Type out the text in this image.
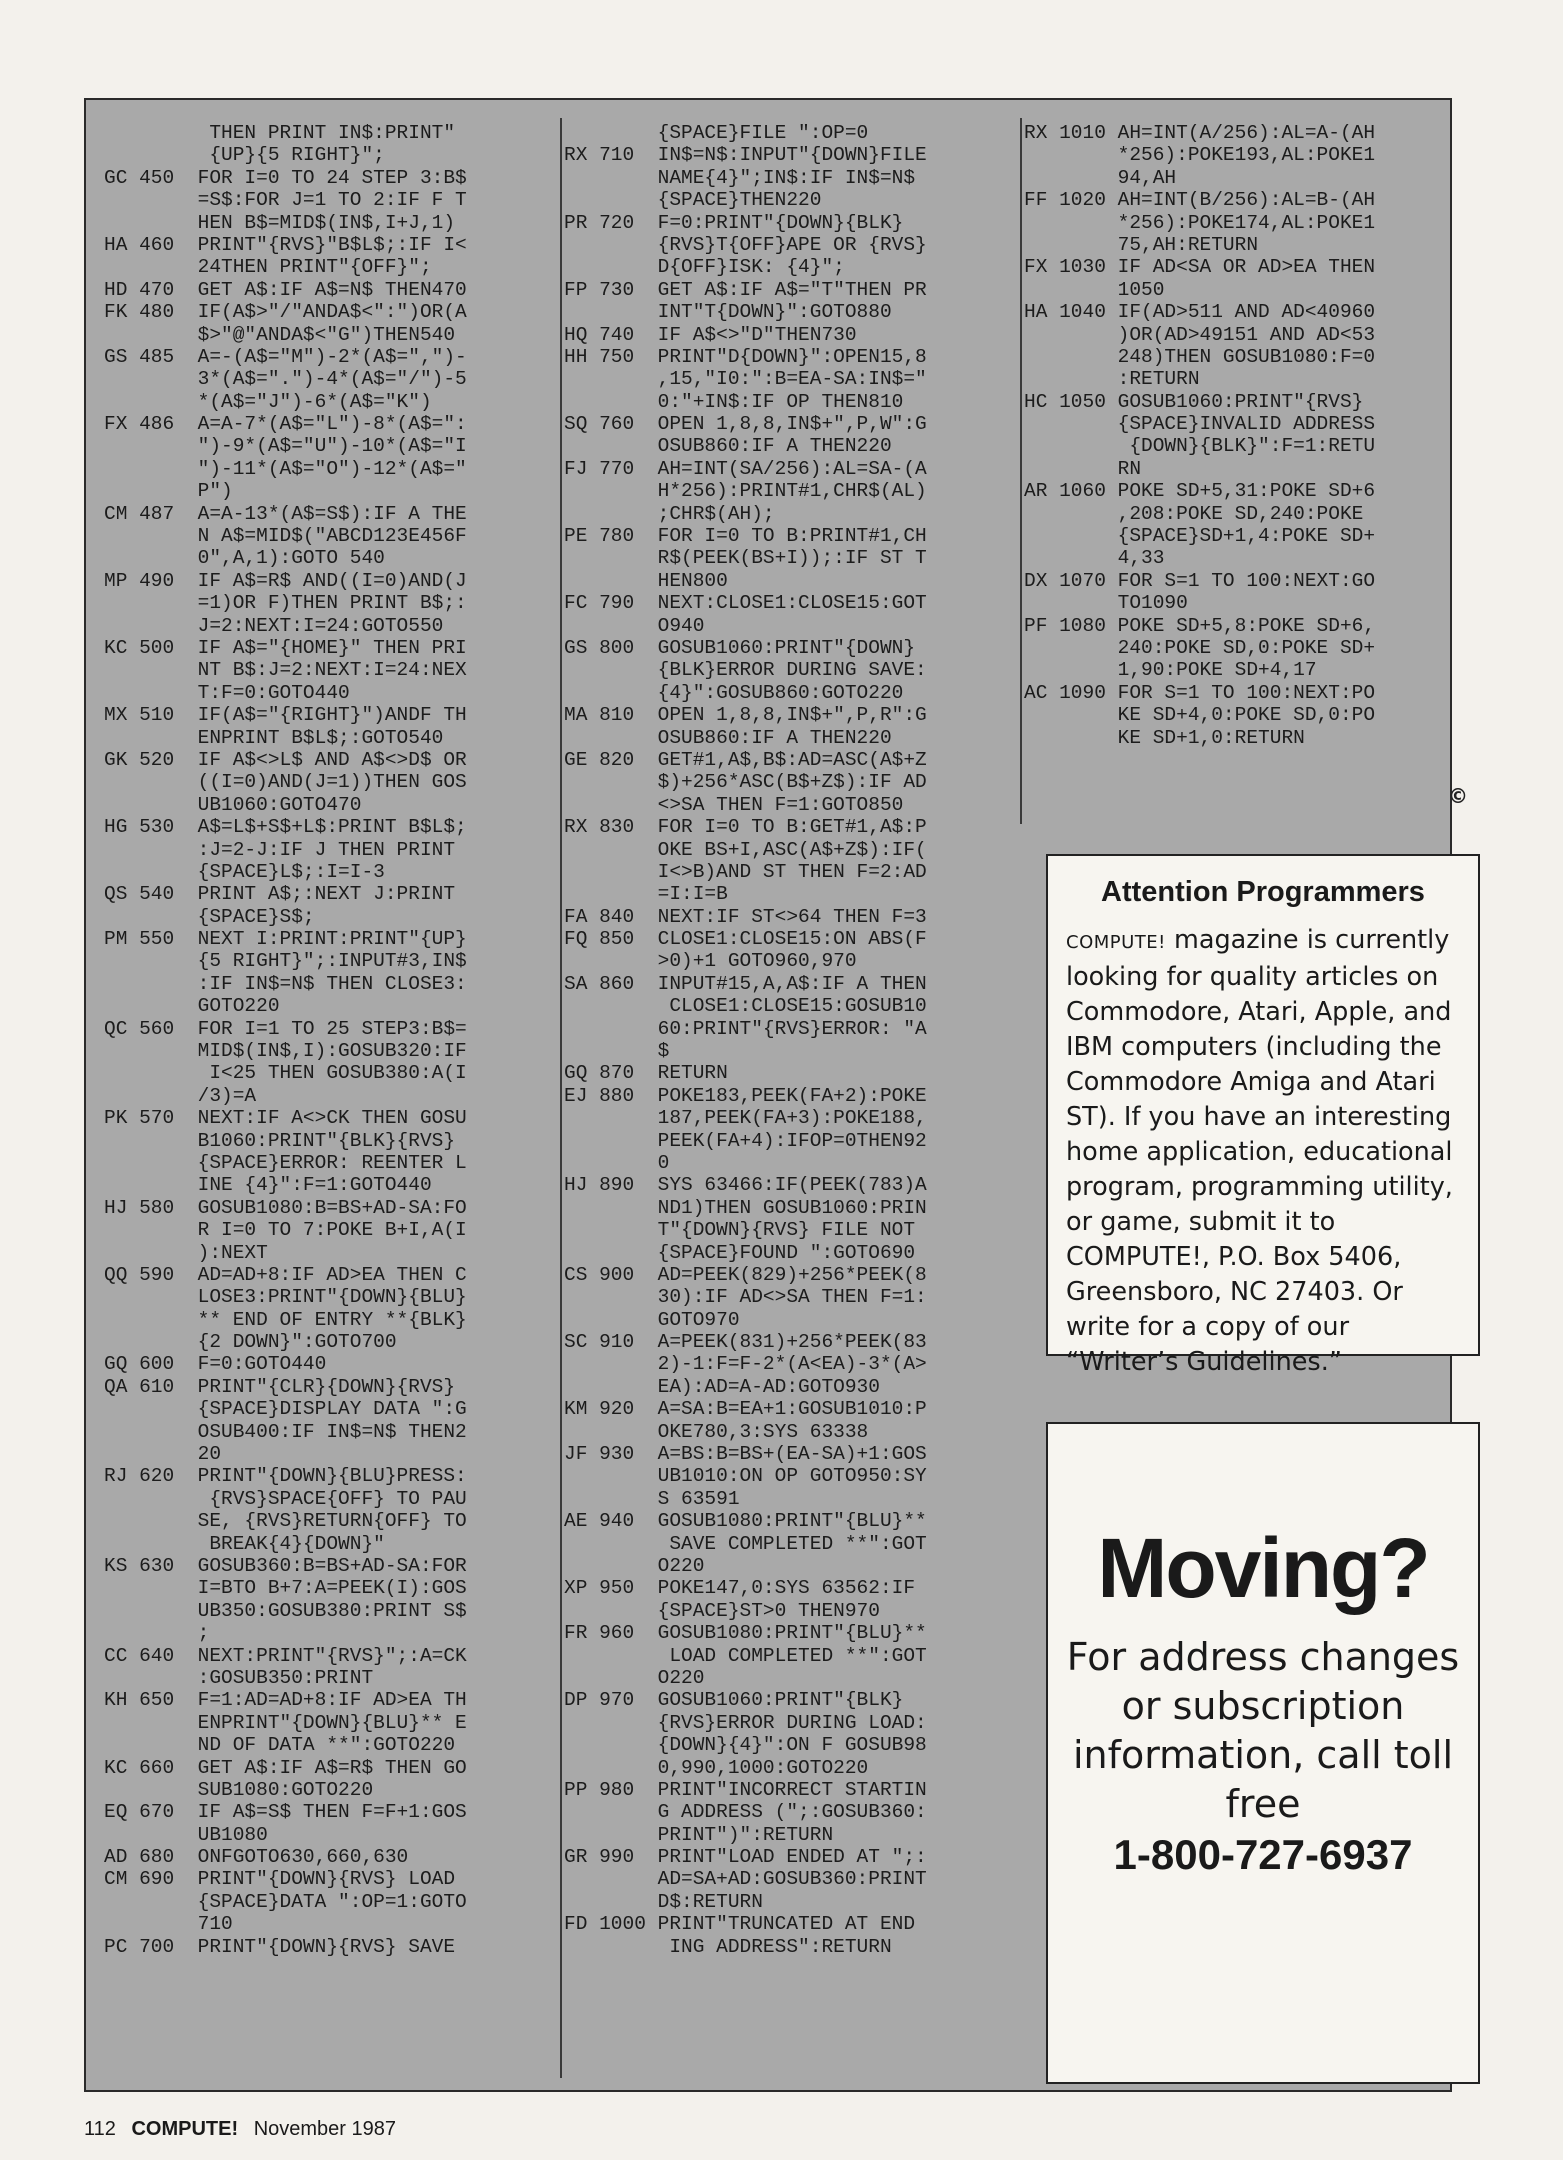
THEN PRINT IN$:PRINT"
{UP}{5 RIGHT}";
GC 450  FOR I=0 TO 24 STEP 3:B$
=S$:FOR J=1 TO 2:IF F T
HEN B$=MID$(IN$,I+J,1)
HA 460  PRINT"{RVS}"B$L$;:IF I<
24THEN PRINT"{OFF}";
HD 470  GET A$:IF A$=N$ THEN470
FK 480  IF(A$>"/"ANDA$<":")OR(A
$>"@"ANDA$<"G")THEN540
GS 485  A=-(A$="M")-2*(A$=",")-
3*(A$=".")-4*(A$="/")-5
*(A$="J")-6*(A$="K")
FX 486  A=A-7*(A$="L")-8*(A$=":
")-9*(A$="U")-10*(A$="I
")-11*(A$="O")-12*(A$="
P")
CM 487  A=A-13*(A$=S$):IF A THE
N A$=MID$("ABCD123E456F
0",A,1):GOTO 540
MP 490  IF A$=R$ AND((I=0)AND(J
=1)OR F)THEN PRINT B$;:
J=2:NEXT:I=24:GOTO550
KC 500  IF A$="{HOME}" THEN PRI
NT B$:J=2:NEXT:I=24:NEX
T:F=0:GOTO440
MX 510  IF(A$="{RIGHT}")ANDF TH
ENPRINT B$L$;:GOTO540
GK 520  IF A$<>L$ AND A$<>D$ OR
((I=0)AND(J=1))THEN GOS
UB1060:GOTO470
HG 530  A$=L$+S$+L$:PRINT B$L$;
:J=2-J:IF J THEN PRINT
{SPACE}L$;:I=I-3
QS 540  PRINT A$;:NEXT J:PRINT
{SPACE}S$;
PM 550  NEXT I:PRINT:PRINT"{UP}
{5 RIGHT}";:INPUT#3,IN$
:IF IN$=N$ THEN CLOSE3:
GOTO220
QC 560  FOR I=1 TO 25 STEP3:B$=
MID$(IN$,I):GOSUB320:IF
I<25 THEN GOSUB380:A(I
/3)=A
PK 570  NEXT:IF A<>CK THEN GOSU
B1060:PRINT"{BLK}{RVS}
{SPACE}ERROR: REENTER L
INE {4}":F=1:GOTO440
HJ 580  GOSUB1080:B=BS+AD-SA:FO
R I=0 TO 7:POKE B+I,A(I
):NEXT
QQ 590  AD=AD+8:IF AD>EA THEN C
LOSE3:PRINT"{DOWN}{BLU}
** END OF ENTRY **{BLK}
{2 DOWN}":GOTO700
GQ 600  F=0:GOTO440
QA 610  PRINT"{CLR}{DOWN}{RVS}
{SPACE}DISPLAY DATA ":G
OSUB400:IF IN$=N$ THEN2
20
RJ 620  PRINT"{DOWN}{BLU}PRESS:
{RVS}SPACE{OFF} TO PAU
SE, {RVS}RETURN{OFF} TO
BREAK{4}{DOWN}"
KS 630  GOSUB360:B=BS+AD-SA:FOR
I=BTO B+7:A=PEEK(I):GOS
UB350:GOSUB380:PRINT S$
;
CC 640  NEXT:PRINT"{RVS}";:A=CK
:GOSUB350:PRINT
KH 650  F=1:AD=AD+8:IF AD>EA TH
ENPRINT"{DOWN}{BLU}** E
ND OF DATA **":GOTO220
KC 660  GET A$:IF A$=R$ THEN GO
SUB1080:GOTO220
EQ 670  IF A$=S$ THEN F=F+1:GOS
UB1080
AD 680  ONFGOTO630,660,630
CM 690  PRINT"{DOWN}{RVS} LOAD
{SPACE}DATA ":OP=1:GOTO
710
PC 700  PRINT"{DOWN}{RVS} SAVE
{SPACE}FILE ":OP=0
RX 710  IN$=N$:INPUT"{DOWN}FILE
NAME{4}";IN$:IF IN$=N$
{SPACE}THEN220
PR 720  F=0:PRINT"{DOWN}{BLK}
{RVS}T{OFF}APE OR {RVS}
D{OFF}ISK: {4}";
FP 730  GET A$:IF A$="T"THEN PR
INT"T{DOWN}":GOTO880
HQ 740  IF A$<>"D"THEN730
HH 750  PRINT"D{DOWN}":OPEN15,8
,15,"I0:":B=EA-SA:IN$="
0:"+IN$:IF OP THEN810
SQ 760  OPEN 1,8,8,IN$+",P,W":G
OSUB860:IF A THEN220
FJ 770  AH=INT(SA/256):AL=SA-(A
H*256):PRINT#1,CHR$(AL)
;CHR$(AH);
PE 780  FOR I=0 TO B:PRINT#1,CH
R$(PEEK(BS+I));:IF ST T
HEN800
FC 790  NEXT:CLOSE1:CLOSE15:GOT
O940
GS 800  GOSUB1060:PRINT"{DOWN}
{BLK}ERROR DURING SAVE:
{4}":GOSUB860:GOTO220
MA 810  OPEN 1,8,8,IN$+",P,R":G
OSUB860:IF A THEN220
GE 820  GET#1,A$,B$:AD=ASC(A$+Z
$)+256*ASC(B$+Z$):IF AD
<>SA THEN F=1:GOTO850
RX 830  FOR I=0 TO B:GET#1,A$:P
OKE BS+I,ASC(A$+Z$):IF(
I<>B)AND ST THEN F=2:AD
=I:I=B
FA 840  NEXT:IF ST<>64 THEN F=3
FQ 850  CLOSE1:CLOSE15:ON ABS(F
>0)+1 GOTO960,970
SA 860  INPUT#15,A,A$:IF A THEN
CLOSE1:CLOSE15:GOSUB10
60:PRINT"{RVS}ERROR: "A
$
GQ 870  RETURN
EJ 880  POKE183,PEEK(FA+2):POKE
187,PEEK(FA+3):POKE188,
PEEK(FA+4):IFOP=0THEN92
0
HJ 890  SYS 63466:IF(PEEK(783)A
ND1)THEN GOSUB1060:PRIN
T"{DOWN}{RVS} FILE NOT
{SPACE}FOUND ":GOTO690
CS 900  AD=PEEK(829)+256*PEEK(8
30):IF AD<>SA THEN F=1:
GOTO970
SC 910  A=PEEK(831)+256*PEEK(83
2)-1:F=F-2*(A<EA)-3*(A>
EA):AD=A-AD:GOTO930
KM 920  A=SA:B=EA+1:GOSUB1010:P
OKE780,3:SYS 63338
JF 930  A=BS:B=BS+(EA-SA)+1:GOS
UB1010:ON OP GOTO950:SY
S 63591
AE 940  GOSUB1080:PRINT"{BLU}**
SAVE COMPLETED **":GOT
O220
XP 950  POKE147,0:SYS 63562:IF
{SPACE}ST>0 THEN970
FR 960  GOSUB1080:PRINT"{BLU}**
LOAD COMPLETED **":GOT
O220
DP 970  GOSUB1060:PRINT"{BLK}
{RVS}ERROR DURING LOAD:
{DOWN}{4}":ON F GOSUB98
0,990,1000:GOTO220
PP 980  PRINT"INCORRECT STARTIN
G ADDRESS (";:GOSUB360:
PRINT")":RETURN
GR 990  PRINT"LOAD ENDED AT ";:
AD=SA+AD:GOSUB360:PRINT
D$:RETURN
FD 1000 PRINT"TRUNCATED AT END
ING ADDRESS":RETURN
RX 1010 AH=INT(A/256):AL=A-(AH
*256):POKE193,AL:POKE1
94,AH
FF 1020 AH=INT(B/256):AL=B-(AH
*256):POKE174,AL:POKE1
75,AH:RETURN
FX 1030 IF AD<SA OR AD>EA THEN
1050
HA 1040 IF(AD>511 AND AD<40960
)OR(AD>49151 AND AD<53
248)THEN GOSUB1080:F=0
:RETURN
HC 1050 GOSUB1060:PRINT"{RVS}
{SPACE}INVALID ADDRESS
{DOWN}{BLK}":F=1:RETU
RN
AR 1060 POKE SD+5,31:POKE SD+6
,208:POKE SD,240:POKE
{SPACE}SD+1,4:POKE SD+
4,33
DX 1070 FOR S=1 TO 100:NEXT:GO
TO1090
PF 1080 POKE SD+5,8:POKE SD+6,
240:POKE SD,0:POKE SD+
1,90:POKE SD+4,17
AC 1090 FOR S=1 TO 100:NEXT:PO
KE SD+4,0:POKE SD,0:PO
KE SD+1,0:RETURN
©
Attention Programmers
COMPUTE! magazine is currently looking for quality articles on Commodore, Atari, Apple, and IBM computers (including the Commodore Amiga and Atari ST). If you have an interesting home application, educational program, programming utility, or game, submit it to COMPUTE!, P.O. Box 5406, Greensboro, NC 27403. Or write for a copy of our “Writer’s Guidelines.”
Moving?
For address changes or subscription information, call toll free
1-800-727-6937
112 COMPUTE! November 1987
